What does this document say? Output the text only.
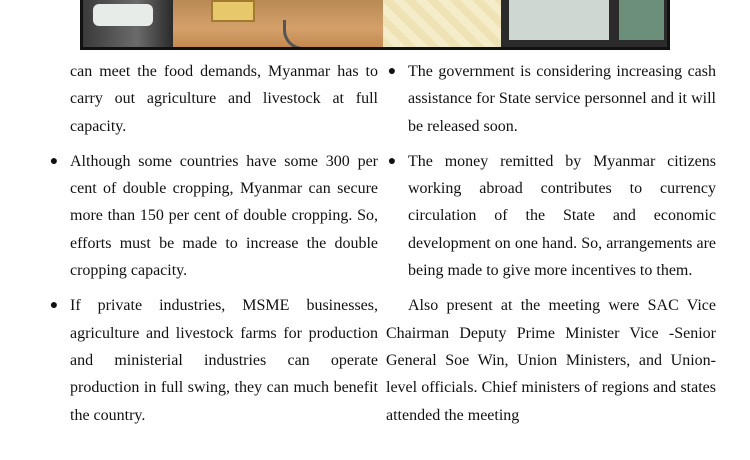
can meet the food demands, Myanmar has to carry out agriculture and livestock at full capacity.

● Although some countries have some 300 per cent of double cropping, Myanmar can secure more than 150 per cent of double cropping. So, efforts must be made to increase the double cropping capacity.

● If private industries, MSME businesses, agriculture and livestock farms for production and ministerial industries can operate production in full swing, they can much benefit the country.

● The government is considering increasing cash assistance for State service personnel and it will be released soon.

● The money remitted by Myanmar citizens working abroad contributes to currency circulation of the State and economic development on one hand. So, arrangements are being made to give more incentives to them.

Also present at the meeting were SAC Vice Chairman Deputy Prime Minister Vice -Senior General Soe Win, Union Ministers, and Union-level officials. Chief ministers of regions and states attended the meeting
